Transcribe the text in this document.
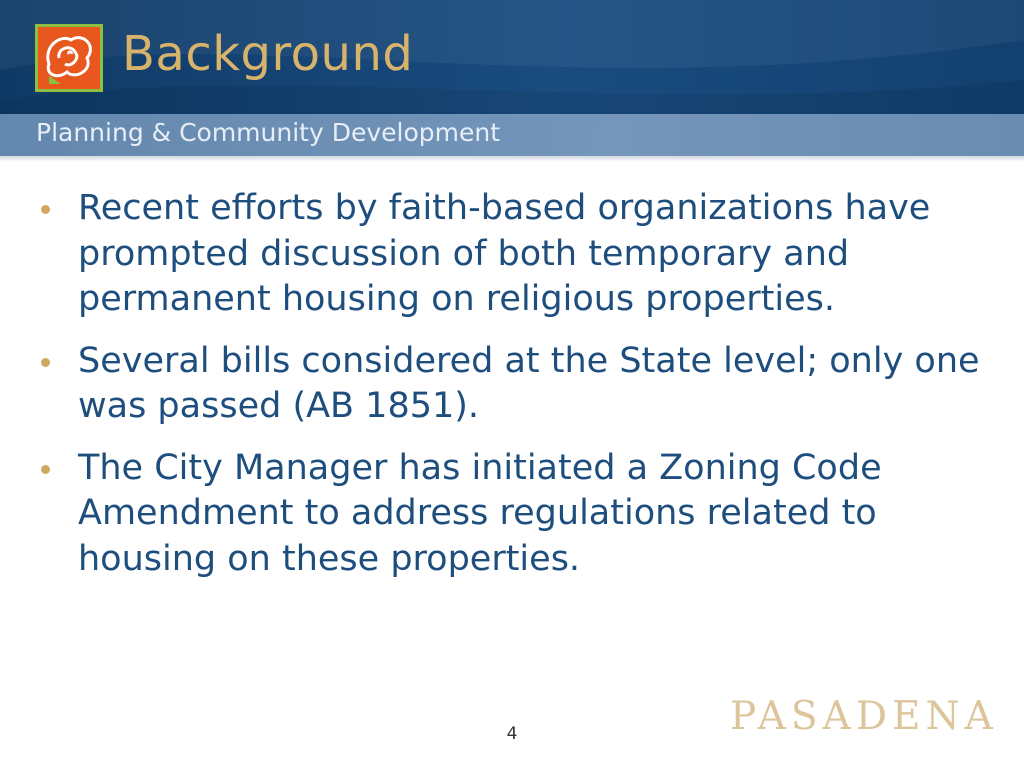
Background
Planning & Community Development
Recent efforts by faith-based organizations have prompted discussion of both temporary and permanent housing on religious properties.
Several bills considered at the State level; only one was passed (AB 1851).
The City Manager has initiated a Zoning Code Amendment to address regulations related to housing on these properties.
4	PASADENA
